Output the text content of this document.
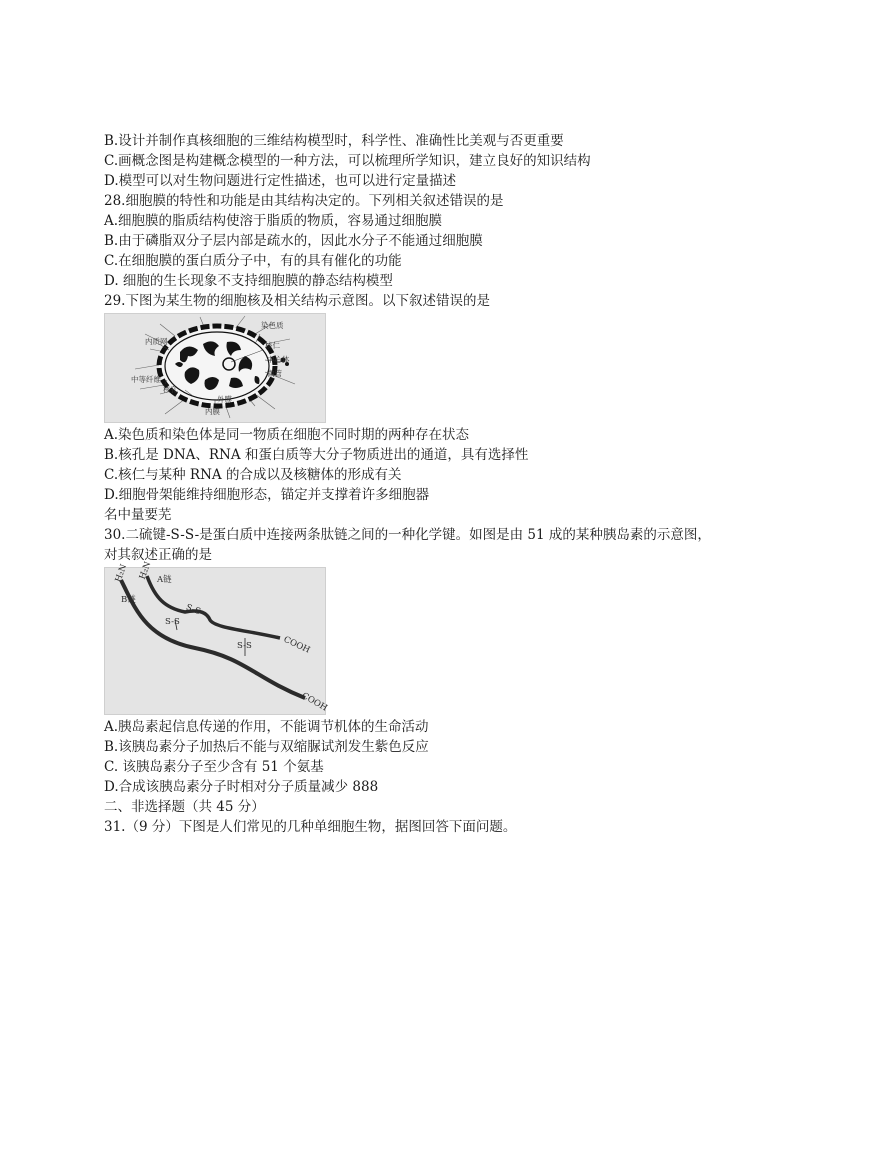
B.设计并制作真核细胞的三维结构模型时，科学性、准确性比美观与否更重要
C.画概念图是构建概念模型的一种方法，可以梳理所学知识，建立良好的知识结构
D.模型可以对生物问题进行定性描述，也可以进行定量描述
28.细胞膜的特性和功能是由其结构决定的。下列相关叙述错误的是
A.细胞膜的脂质结构使溶于脂质的物质，容易通过细胞膜
B.由于磷脂双分子层内部是疏水的，因此水分子不能通过细胞膜
C.在细胞膜的蛋白质分子中，有的具有催化的功能
D. 细胞的生长现象不支持细胞膜的静态结构模型
29.下图为某生物的细胞核及相关结构示意图。以下叙述错误的是
染色质
内质网	核仁
中心体
微管
中等纤维
核孔
外膜
内膜
A.染色质和染色体是同一物质在细胞不同时期的两种存在状态
B.核孔是 DNA、RNA 和蛋白质等大分子物质进出的通道，具有选择性
C.核仁与某种 RNA 的合成以及核糖体的形成有关
D.细胞骨架能维持细胞形态，锚定并支撑着许多细胞器
名中量要芜
30.二硫键-S-S-是蛋白质中连接两条肽链之间的一种化学键。如图是由 51 成的某种胰岛素的示意图，
对其叙述正确的是
H₂N H₂N
B链
A链
S-S
S-S
S-S	COOH
COOH
A.胰岛素起信息传递的作用，不能调节机体的生命活动
B.该胰岛素分子加热后不能与双缩脲试剂发生紫色反应
C. 该胰岛素分子至少含有 51 个氨基
D.合成该胰岛素分子时相对分子质量减少 888
二、非选择题（共 45 分）
31.（9 分）下图是人们常见的几种单细胞生物，据图回答下面问题。
